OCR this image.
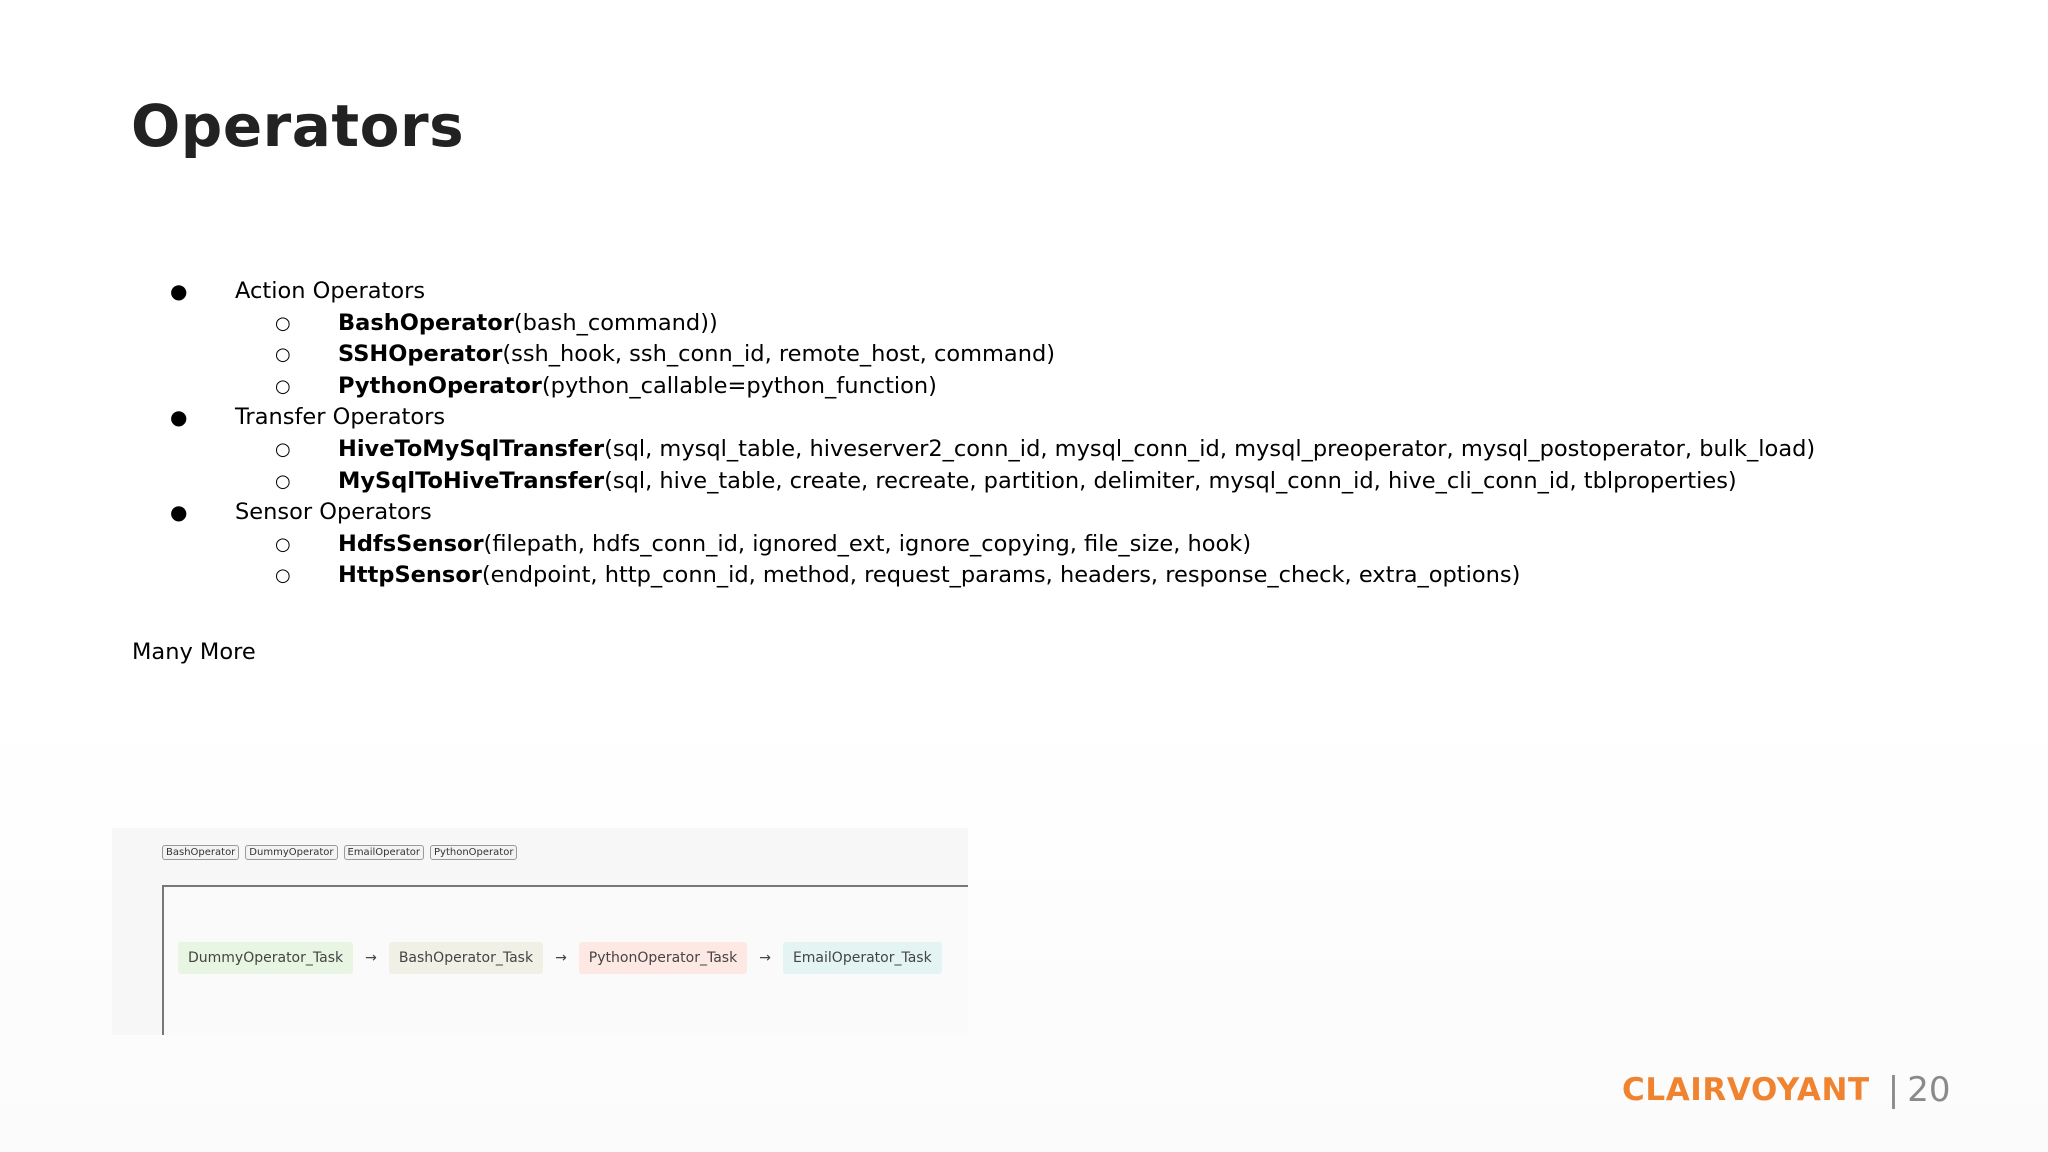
Operators
● Action Operators
○ BashOperator(bash_command))
○ SSHOperator(ssh_hook, ssh_conn_id, remote_host, command)
○ PythonOperator(python_callable=python_function)
● Transfer Operators
○ HiveToMySqlTransfer(sql, mysql_table, hiveserver2_conn_id, mysql_conn_id, mysql_preoperator, mysql_postoperator, bulk_load)
○ MySqlToHiveTransfer(sql, hive_table, create, recreate, partition, delimiter, mysql_conn_id, hive_cli_conn_id, tblproperties)
● Sensor Operators
○ HdfsSensor(filepath, hdfs_conn_id, ignored_ext, ignore_copying, file_size, hook)
○ HttpSensor(endpoint, http_conn_id, method, request_params, headers, response_check, extra_options)
Many More
BashOperator	DummyOperator	EmailOperator	PythonOperator
DummyOperator_Task	→	BashOperator_Task	→	PythonOperator_Task	→	EmailOperator_Task
CLAIRVOYANT | 20
